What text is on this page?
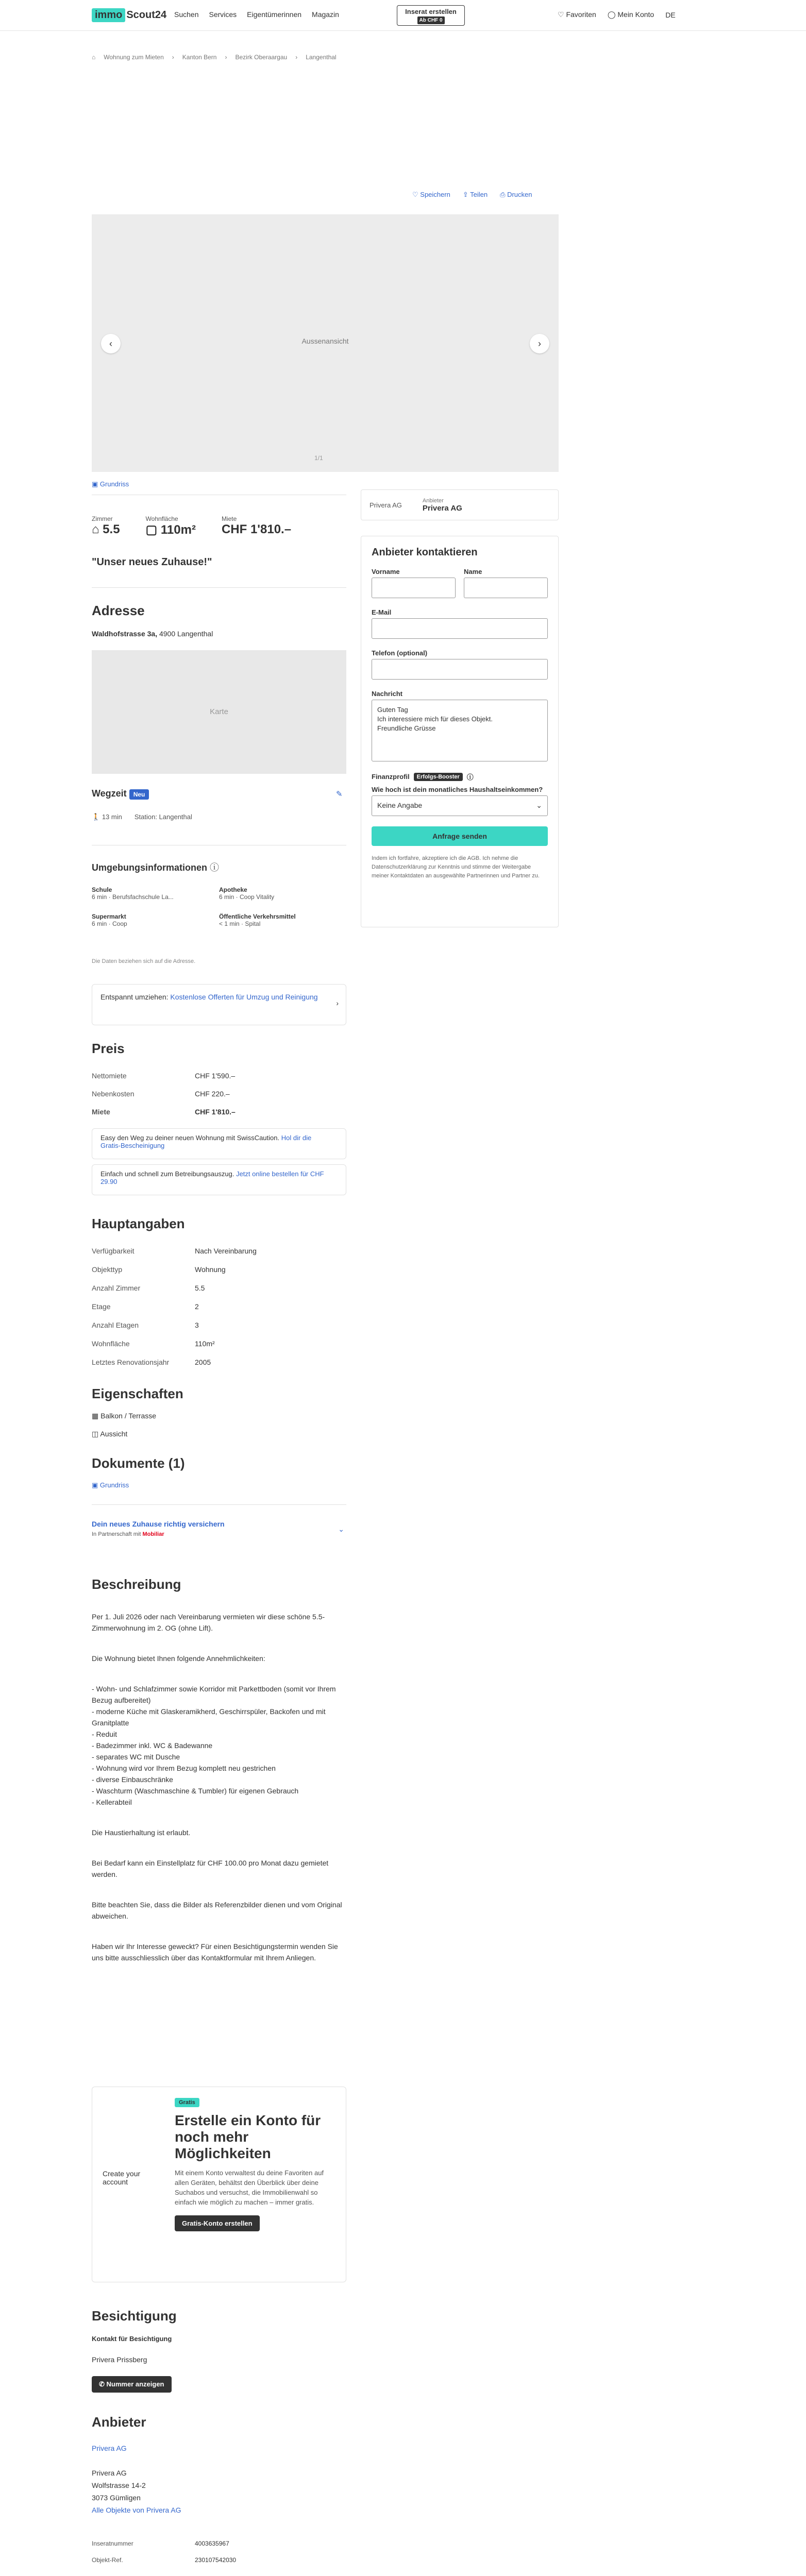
immo Scout24 Suchen Services Eigentümerinnen Magazin	Inserat erstellen
Ab CHF 0
♡ Favoriten ◯ Mein Konto DE
⌂ Wohnung zum Mieten › Kanton Bern › Bezirk Oberaargau › Langenthal
♡ Speichern ⇪ Teilen ⎙ Drucken
Aussenansicht
‹	›
1/1
▣ Grundriss
Zimmer
⌂ 5.5
Wohnfläche
▢ 110m²
Miete
CHF 1'810.–
"Unser neues Zuhause!"
Adresse
Waldhofstrasse 3a, 4900 Langenthal
Karte
Wegzeit Neu	✎
🚶 13 min Station: Langenthal
Umgebungsinformationen ⓘ
Schule
6 min · Berufsfachschule La...
Apotheke
6 min · Coop Vitality
Supermarkt
6 min · Coop
Öffentliche Verkehrsmittel
< 1 min · Spital
Die Daten beziehen sich auf die Adresse.
Entspannt umziehen: Kostenlose Offerten für Umzug und Reinigung
›
Preis
Nettomiete	CHF 1'590.–
Nebenkosten	CHF 220.–
Miete	CHF 1'810.–
Easy den Weg zu deiner neuen Wohnung mit SwissCaution. Hol dir die Gratis-Bescheinigung
Einfach und schnell zum Betreibungsauszug. Jetzt online bestellen für CHF 29.90
Hauptangaben
Verfügbarkeit	Nach Vereinbarung
Objekttyp	Wohnung
Anzahl Zimmer	5.5
Etage	2
Anzahl Etagen	3
Wohnfläche	110m²
Letztes Renovationsjahr	2005
Eigenschaften
▦ Balkon / Terrasse
◫ Aussicht
Dokumente (1)
▣ Grundriss
Dein neues Zuhause richtig versichern
In Partnerschaft mit Mobiliar
⌄
Beschreibung

Per 1. Juli 2026 oder nach Vereinbarung vermieten wir diese schöne 5.5-Zimmerwohnung im 2. OG (ohne Lift).

Die Wohnung bietet Ihnen folgende Annehmlichkeiten:

- Wohn- und Schlafzimmer sowie Korridor mit Parkettboden (somit vor Ihrem Bezug aufbereitet)
- moderne Küche mit Glaskeramikherd, Geschirrspüler, Backofen und mit Granitplatte
- Reduit
- Badezimmer inkl. WC & Badewanne
- separates WC mit Dusche
- Wohnung wird vor Ihrem Bezug komplett neu gestrichen
- diverse Einbauschränke
- Waschturm (Waschmaschine & Tumbler) für eigenen Gebrauch
- Kellerabteil

Die Haustierhaltung ist erlaubt.

Bei Bedarf kann ein Einstellplatz für CHF 100.00 pro Monat dazu gemietet werden.

Bitte beachten Sie, dass die Bilder als Referenzbilder dienen und vom Original abweichen.

Haben wir Ihr Interesse geweckt? Für einen Besichtigungstermin wenden Sie uns bitte ausschliesslich über das Kontaktformular mit Ihrem Anliegen.

Create your account
Gratis
Erstelle ein Konto für noch mehr Möglichkeiten
Mit einem Konto verwaltest du deine Favoriten auf allen Geräten, behältst den Überblick über deine Suchabos und versuchst, die Immobilienwahl so einfach wie möglich zu machen – immer gratis.
Gratis-Konto erstellen
Besichtigung
Kontakt für Besichtigung
Privera Prissberg
✆ Nummer anzeigen
Anbieter
Privera AG

Privera AG
Wolfstrasse 14-2
3073 Gümligen
Alle Objekte von Privera AG
Inseratnummer	4003635967
Objekt-Ref.	230107542030
Privera AG
Anbieter
Privera AG
Anbieter kontaktieren
Vorname	Name
E-Mail
Telefon (optional)
Nachricht
Guten Tag
Ich interessiere mich für dieses Objekt.
Freundliche Grüsse
Finanzprofil	Erfolgs-Booster	ⓘ
Wie hoch ist dein monatliches Haushaltseinkommen?
Keine Angabe	⌄
Anfrage senden
Indem ich fortfahre, akzeptiere ich die AGB. Ich nehme die Datenschutzerklärung zur Kenntnis und stimme der Weitergabe meiner Kontaktdaten an ausgewählte Partnerinnen und Partner zu.
